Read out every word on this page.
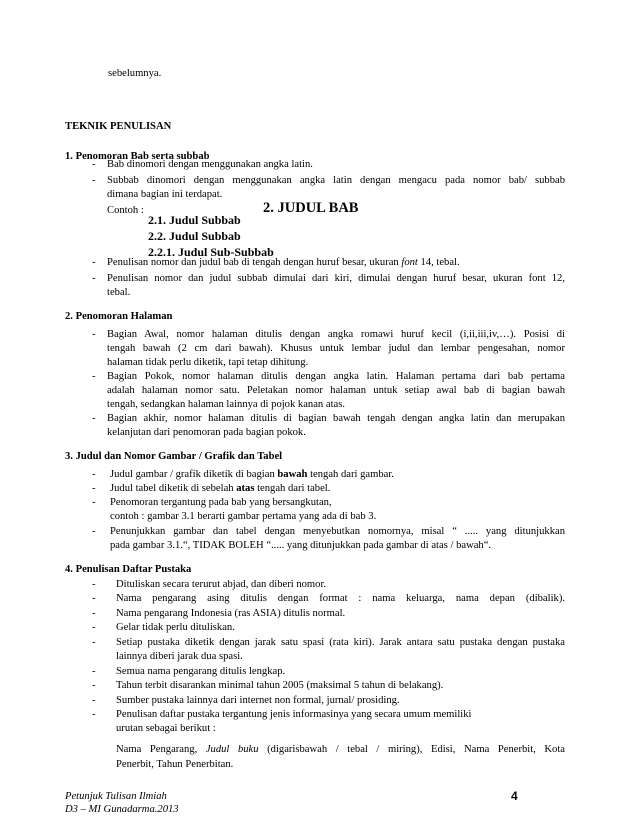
sebelumnya.
TEKNIK PENULISAN
1. Penomoran Bab serta subbab
- Bab dinomori dengan menggunakan angka latin.
- Subbab dinomori dengan menggunakan angka latin dengan mengacu pada nomor bab/ subbab
dimana bagian ini terdapat.
Contoh :	2. JUDUL BAB
2.1. Judul Subbab
2.2. Judul Subbab
2.2.1. Judul Sub-Subbab
- Penulisan nomor dan judul bab di tengah dengan huruf besar, ukuran font 14, tebal.
- Penulisan nomor dan judul subbab dimulai dari kiri, dimulai dengan huruf besar, ukuran font 12,
tebal.
2. Penomoran Halaman
- Bagian Awal, nomor halaman ditulis dengan angka romawi huruf kecil (i,ii,iii,iv,…). Posisi di
tengah bawah (2 cm dari bawah). Khusus untuk lembar judul dan lembar pengesahan, nomor
halaman tidak perlu diketik, tapi tetap dihitung.
- Bagian Pokok, nomor halaman ditulis dengan angka latin. Halaman pertama dari bab pertama
adalah halaman nomor satu. Peletakan nomor halaman untuk setiap awal bab di bagian bawah
tengah, sedangkan halaman lainnya di pojok kanan atas.
- Bagian akhir, nomor halaman ditulis di bagian bawah tengah dengan angka latin dan merupakan
kelanjutan dari penomoran pada bagian pokok.
3. Judul dan Nomor Gambar / Grafik dan Tabel
- Judul gambar / grafik diketik di bagian bawah tengah dari gambar.
- Judul tabel diketik di sebelah atas tengah dari tabel.
- Penomoran tergantung pada bab yang bersangkutan,
contoh : gambar 3.1 berarti gambar pertama yang ada di bab 3.
- Penunjukkan gambar dan tabel dengan menyebutkan nomornya, misal “ ..... yang ditunjukkan
pada gambar 3.1.“, TIDAK BOLEH “..... yang ditunjukkan pada gambar di atas / bawah“.
4. Penulisan Daftar Pustaka
- Dituliskan secara terurut abjad, dan diberi nomor.
- Nama pengarang asing ditulis dengan format : nama keluarga, nama depan (dibalik).
- Nama pengarang Indonesia (ras ASIA) ditulis normal.
- Gelar tidak perlu dituliskan.
- Setiap pustaka diketik dengan jarak satu spasi (rata kiri). Jarak antara satu pustaka dengan pustaka
lainnya diberi jarak dua spasi.
- Semua nama pengarang ditulis lengkap.
- Tahun terbit disarankan minimal tahun 2005 (maksimal 5 tahun di belakang).
- Sumber pustaka lainnya dari internet non formal, jurnal/ prosiding.
- Penulisan daftar pustaka tergantung jenis informasinya yang secara umum memiliki
urutan sebagai berikut :
Nama Pengarang, Judul buku (digarisbawah / tebal / miring), Edisi, Nama Penerbit, Kota
Penerbit, Tahun Penerbitan.
Petunjuk Tulisan Ilmiah
D3 – MI Gunadarma.2013
4
